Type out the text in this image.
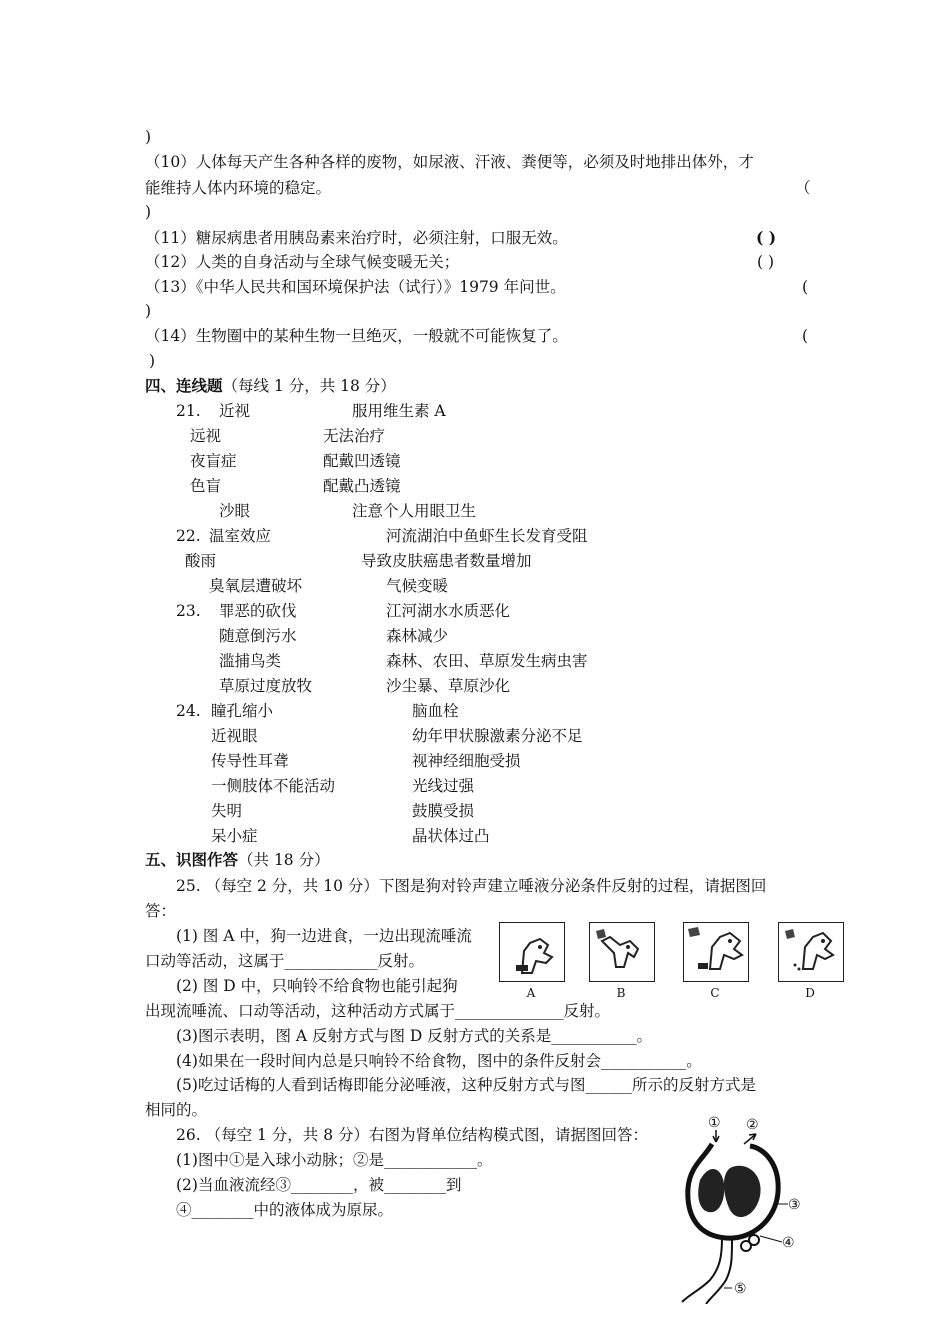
)
（10）人体每天产生各种各样的废物，如尿液、汗液、粪便等，必须及时地排出体外，才
能维持人体内环境的稳定。	（
)
（11）糖尿病患者用胰岛素来治疗时，必须注射，口服无效。	( )
（12）人类的自身活动与全球气候变暖无关；	( )
（13）《中华人民共和国环境保护法（试行）》1979 年问世。	(
)
（14）生物圈中的某种生物一旦绝灭，一般就不可能恢复了。	(
)
四、连线题（每线 1 分，共 18 分）
21. 近视	服用维生素 A
远视	无法治疗
夜盲症	配戴凹透镜
色盲	配戴凸透镜
沙眼	注意个人用眼卫生
22. 温室效应	河流湖泊中鱼虾生长发育受阻
酸雨	导致皮肤癌患者数量增加
臭氧层遭破坏	气候变暖
23. 罪恶的砍伐	江河湖水水质恶化
随意倒污水	森林减少
滥捕鸟类	森林、农田、草原发生病虫害
草原过度放牧	沙尘暴、草原沙化
24. 瞳孔缩小	脑血栓
近视眼	幼年甲状腺激素分泌不足
传导性耳聋	视神经细胞受损
一侧肢体不能活动	光线过强
失明	鼓膜受损
呆小症	晶状体过凸
五、识图作答（共 18 分）
25. （每空 2 分，共 10 分）下图是狗对铃声建立唾液分泌条件反射的过程，请据图回
答：
(1) 图 A 中，狗一边进食，一边出现流唾流
口动等活动，这属于____________反射。
(2) 图 D 中，只响铃不给食物也能引起狗
出现流唾流、口动等活动，这种活动方式属于______________反射。
(3)图示表明，图 A 反射方式与图 D 反射方式的关系是___________。
(4)如果在一段时间内总是只响铃不给食物，图中的条件反射会___________。
(5)吃过话梅的人看到话梅即能分泌唾液，这种反射方式与图______所示的反射方式是
相同的。
A	B	C	D
26. （每空 1 分，共 8 分）右图为肾单位结构模式图，请据图回答：
(1)图中①是入球小动脉；②是____________。
(2)当血液流经③________，被________到
④________中的液体成为原尿。
① ②
③
④
⑤
